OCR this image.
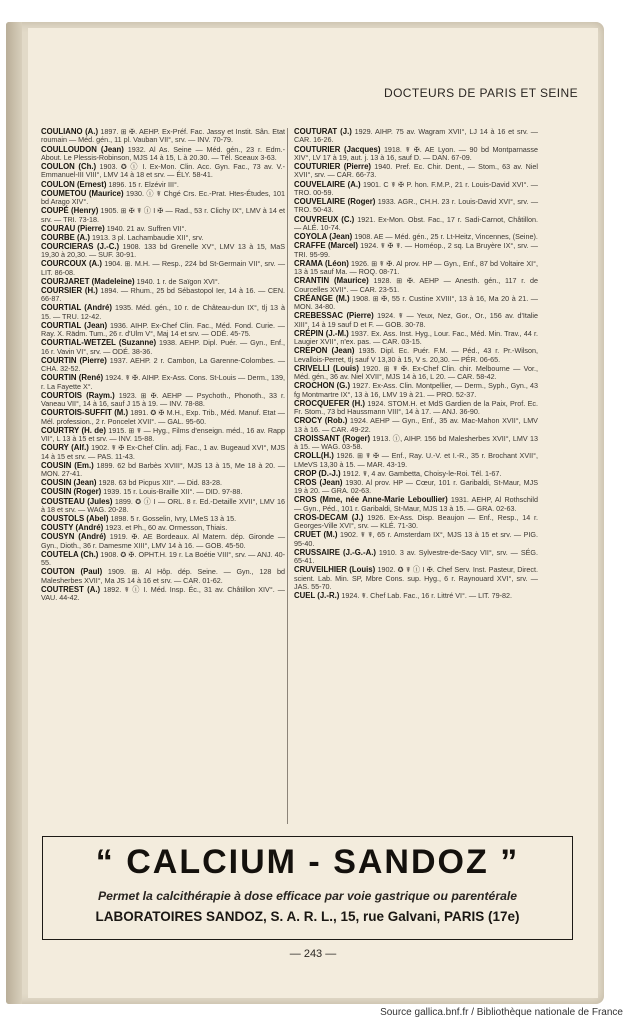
DOCTEURS DE PARIS ET SEINE

COULIANO (A.) 1897. ⊞ ✠. AEHP. Ex-Préf. Fac. Jassy et Instit. Sân. Etat roumain — Méd. gén., 11 pl. Vauban VII°, srv. — INV. 70-79.

COULLOUDON (Jean) 1932. Al As. Seine — Méd. gén., 23 r. Edm.-About. Le Plessis-Robinson, MJS 14 à 15, L à 20.30. — Tél. Sceaux 3-63.

COULON (Ch.) 1903. ✪ ⓘ I. Ex-Mon. Clin. Acc. Gyn. Fac., 73 av. V.-Emmanuel-III VIII°, LMV 14 à 18 et srv. — ÉLY. 58-41.

COULON (Ernest) 1896. 15 r. Elzévir III°.

COUMETOU (Maurice) 1930. ⓘ ☤ Chgé Crs. Ec.-Prat. Htes-Études, 101 bd Arago XIV°.

COUPÉ (Henry) 1905. ⊞ ✠ ☤ ⓘ I ✠ — Rad., 53 r. Clichy IX°, LMV à 14 et srv. — TRI. 73-18.

COURAU (Pierre) 1940. 21 av. Suffren VII°.

COURBE (A.) 1913. 3 pl. Lachambaudie XII°, srv.

COURCIERAS (J.-C.) 1908. 133 bd Grenelle XV°, LMV 13 à 15, MaS 19,30 à 20,30. — SUF. 30-91.

COURCOUX (A.) 1904. ⊞. M.H. — Resp., 224 bd St-Germain VII°, srv. — LIT. 86-08.

COURJARET (Madeleine) 1940. 1 r. de Saïgon XVI°.

COURSIER (H.) 1894. — Rhum., 25 bd Sébastopol Ier, 14 à 16. — CEN. 66-87.

COURTIAL (André) 1935. Méd. gén., 10 r. de Château-dun IX°, tlj 13 à 15. — TRU. 12-42.

COURTIAL (Jean) 1936. AIHP. Ex-Chef Clin. Fac., Méd. Fond. Curie. — Ray. X. Rädm. Tum., 26 r. d'Ulm V°, Maj 14 et srv. — ODÉ. 45-75.

COURTIAL-WETZEL (Suzanne) 1938. AEHP. Dipl. Puér. — Gyn., Enf., 16 r. Vavin VI°, srv. — ODÉ. 38-36.

COURTIN (Pierre) 1937. AEHP. 2 r. Cambon, La Garenne-Colombes. — CHA. 32-52.

COURTIN (René) 1924. ☤ ✠. AIHP. Ex-Ass. Cons. St-Louis — Derm., 139, r. La Fayette X°.

COURTOIS (Raym.) 1923. ⊞ ✠. AEHP — Psychoth., Phonoth., 33 r. Vaneau VII°, 14 à 16, sauf J 15 à 19. — INV. 78-88.

COURTOIS-SUFFIT (M.) 1891. ✪ ✠ M.H., Exp. Trib., Méd. Manuf. Etat — Mél. profession., 2 r. Poncelet XVII°. — GAL. 95-60.

COURTRY (H. de) 1915. ⊞ ☤ — Hyg., Films d'enseign. méd., 16 av. Rapp VII°, L 13 à 15 et srv. — INV. 15-88.

COURY (Alf.) 1902. ☤ ✠ Ex-Chef Clin. adj. Fac., 1 av. Bugeaud XVI°, MJS 14 à 15 et srv. — PAS. 11-43.

COUSIN (Em.) 1899. 62 bd Barbès XVIII°, MJS 13 à 15, Me 18 à 20. — MON. 27-41.

COUSIN (Jean) 1928. 63 bd Picpus XII°. — Did. 83-28.

COUSIN (Roger) 1939. 15 r. Louis-Braille XII°. — DID. 97-88.

COUSTEAU (Jules) 1899. ✪ ⓘ I — ORL. 8 r. Ed.-Detaille XVII°, LMV 16 à 18 et srv. — WAG. 20-28.

COUSTOLS (Abel) 1898. 5 r. Gosselin, Ivry, LMeS 13 à 15.

COUSTY (André) 1923. et Ph., 60 av. Ormesson, Thiais.

COUSYN (André) 1919. ✠. AE Bordeaux. Al Matern. dép. Gironde — Gyn., Dioth., 36 r. Damesme XIII°, LMV 14 à 16. — GOB. 45-50.

COUTELA (Ch.) 1908. ✪ ✠. OPHT.H. 19 r. La Boétie VIII°, srv. — ANJ. 40-55.

COUTON (Paul) 1909. ⊞. Al Hôp. dép. Seine. — Gyn., 128 bd Malesherbes XVII°, Ma JS 14 à 16 et srv. — CAR. 01-62.

COUTREST (A.) 1892. ☤ ⓘ I. Méd. Insp. Éc., 31 av. Châtillon XIV°. — VAU. 44-42.

COUTURAT (J.) 1929. AIHP. 75 av. Wagram XVII°, LJ 14 à 16 et srv. — CAR. 16-26.

COUTURIER (Jacques) 1918. ☤ ✠. AE Lyon. — 90 bd Montparnasse XIV°, LV 17 à 19, aut. j. 13 à 16, sauf D. — DAN. 67-09.

COUTURIER (Pierre) 1940. Pref. Ec. Chir. Dent., — Stom., 63 av. Niel XVII°, srv. — CAR. 66-73.

COUVELAIRE (A.) 1901. C ☤ ✠ P. hon. F.M.P., 21 r. Louis-David XVI°. — TRO. 00-59.

COUVELAIRE (Roger) 1933. AGR., CH.H. 23 r. Louis-David XVI°, srv. — TRO. 50-43.

COUVREUX (C.) 1921. Ex-Mon. Obst. Fac., 17 r. Sadi-Carnot, Châtillon. — ALÉ. 10-74.

COYOLA (Jean) 1908. AE — Méd. gén., 25 r. Lt-Heitz, Vincennes, (Seine).

CRAFFE (Marcel) 1924. ☤ ✠ ☤. — Homéop., 2 sq. La Bruyère IX°, srv. — TRI. 95-99.

CRAMA (Léon) 1926. ⊞ ☤ ✠. Al prov. HP — Gyn., Enf., 87 bd Voltaire XI°, 13 à 15 sauf Ma. — ROQ. 08-71.

CRANTIN (Maurice) 1928. ⊞ ✠. AEHP — Anesth. gén., 117 r. de Courcelles XVII°. — CAR. 23-51.

CRÉANGE (M.) 1908. ⊞ ✠, 55 r. Custine XVIII°, 13 à 16, Ma 20 à 21. — MON. 34-80.

CREBESSAC (Pierre) 1924. ☤ — Yeux, Nez, Gor., Or., 156 av. d'Italie XIII°, 14 à 19 sauf D et F. — GOB. 30-78.

CRÉPIN (J.-M.) 1937. Ex. Ass. Inst. Hyg., Lour. Fac., Méd. Min. Trav., 44 r. Laugier XVII°, n'ex. pas. — CAR. 03-15.

CREPON (Jean) 1935. Dipl. Ec. Puér. F.M. — Péd., 43 r. Pr.-Wilson, Levallois-Perret, tlj sauf V 13,30 à 15, V s. 20,30. — PÉR. 06-65.

CRIVELLI (Louis) 1920. ⊞ ☤ ✠. Ex-Chef Clin. chir. Melbourne — Vor., Méd. gén., 36 av. Niel XVII°, MJS 14 à 16, L 20. — CAR. 58-42.

CROCHON (G.) 1927. Ex-Ass. Clin. Montpellier, — Derm., Syph., Gyn., 43 fg Montmartre IX°, 13 à 16, LMV 19 à 21. — PRO. 52-37.

CROCQUEFER (H.) 1924. STOM.H. et MdS Gardien de la Paix, Prof. Ec. Fr. Stom., 73 bd Haussmann VIII°, 14 à 17. — ANJ. 36-90.

CROCY (Rob.) 1924. AEHP — Gyn., Enf., 35 av. Mac-Mahon XVII°, LMV 13 à 16. — CAR. 49-22.

CROISSANT (Roger) 1913. ⓘ, AIHP. 156 bd Malesherbes XVII°, LMV 13 à 15. — WAG. 03-58.

CROLL(H.) 1926. ⊞ ☤ ✠ — Enf., Ray. U.-V. et I.-R., 35 r. Brochant XVII°, LMeVS 13,30 à 15. — MAR. 43-19.

CROP (D.-J.) 1912. ☤, 4 av. Gambetta, Choisy-le-Roi. Tél. 1-67.

CROS (Jean) 1930. Al prov. HP — Cœur, 101 r. Garibaldi, St-Maur, MJS 19 à 20. — GRA. 02-63.

CROS (Mme, née Anne-Marie Leboullier) 1931. AEHP, Al Rothschild — Gyn., Péd., 101 r. Garibaldi, St-Maur, MJS 13 à 15. — GRA. 02-63.

CROS-DECAM (J.) 1926. Ex-Ass. Disp. Beaujon — Enf., Resp., 14 r. Georges-Ville XVI°, srv. — KLÉ. 71-30.

CRUET (M.) 1902. ☤ ☤, 65 r. Amsterdam IX°, MJS 13 à 15 et srv. — PIG. 95-40.

CRUSSAIRE (J.-G.-A.) 1910. 3 av. Sylvestre-de-Sacy VII°, srv. — SÉG. 65-41.

CRUVEILHIER (Louis) 1902. ✪ ☤ ⓘ I ✠. Chef Serv. Inst. Pasteur, Direct. scient. Lab. Min. SP, Mbre Cons. sup. Hyg., 6 r. Raynouard XVI°, srv. — JAS. 55-70.

CUEL (J.-R.) 1924. ☤. Chef Lab. Fac., 16 r. Littré VI°. — LIT. 79-82.

“ CALCIUM - SANDOZ ”
Permet la calcithérapie à dose efficace par voie gastrique ou parentérale
LABORATOIRES SANDOZ, S. A. R. L., 15, rue Galvani, PARIS (17e)
— 243 —
Source gallica.bnf.fr / Bibliothèque nationale de France
